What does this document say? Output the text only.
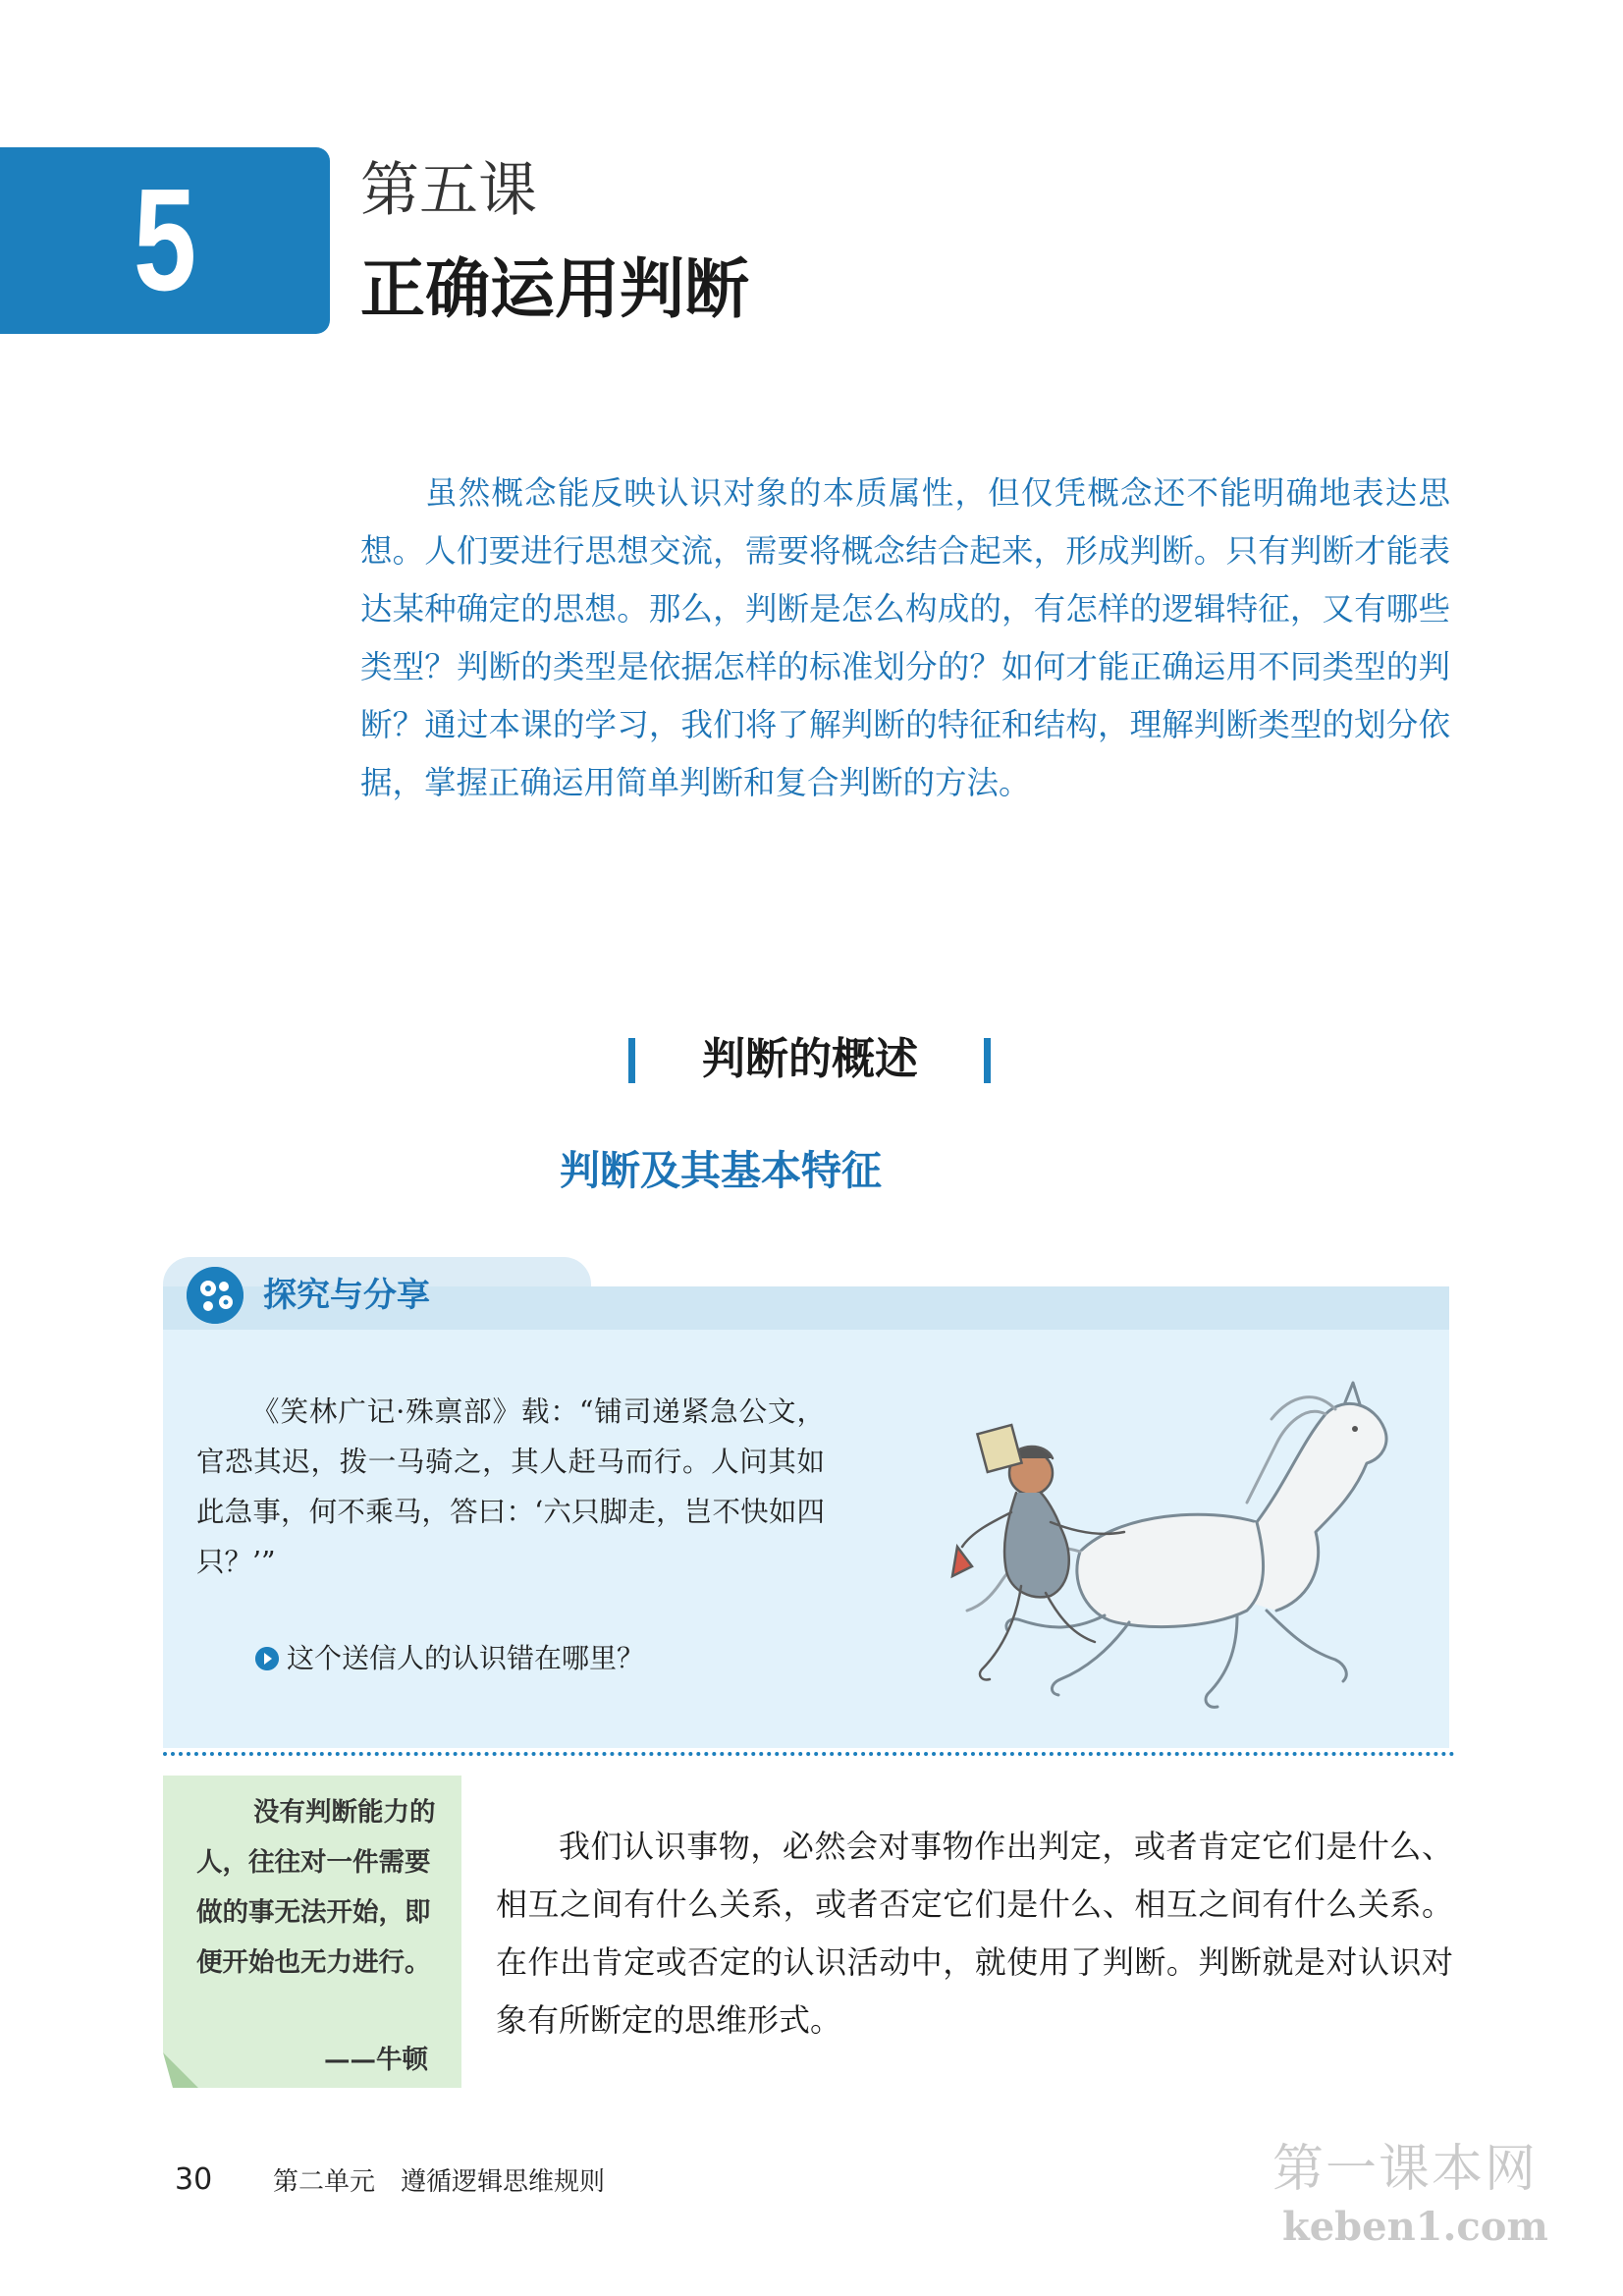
5	第五课
正确运用判断

虽然概念能反映认识对象的本质属性，但仅凭概念还不能明确地表达思想。人们要进行思想交流，需要将概念结合起来，形成判断。只有判断才能表达某种确定的思想。那么，判断是怎么构成的，有怎样的逻辑特征，又有哪些类型？判断的类型是依据怎样的标准划分的？如何才能正确运用不同类型的判断？通过本课的学习，我们将了解判断的特征和结构，理解判断类型的划分依据，掌握正确运用简单判断和复合判断的方法。

判断的概述
判断及其基本特征
探究与分享

《笑林广记·殊禀部》载：“铺司递紧急公文，官恐其迟，拨一马骑之，其人赶马而行。人问其如此急事，何不乘马，答曰：‘六只脚走，岂不快如四只？’”

这个送信人的认识错在哪里？

没有判断能力的人，往往对一件需要做的事无法开始，即便开始也无力进行。

——牛顿

我们认识事物，必然会对事物作出判定，或者肯定它们是什么、相互之间有什么关系，或者否定它们是什么、相互之间有什么关系。在作出肯定或否定的认识活动中，就使用了判断。判断就是对认识对象有所断定的思维形式。

30 第二单元　遵循逻辑思维规则	第一课本网
keben1.com
